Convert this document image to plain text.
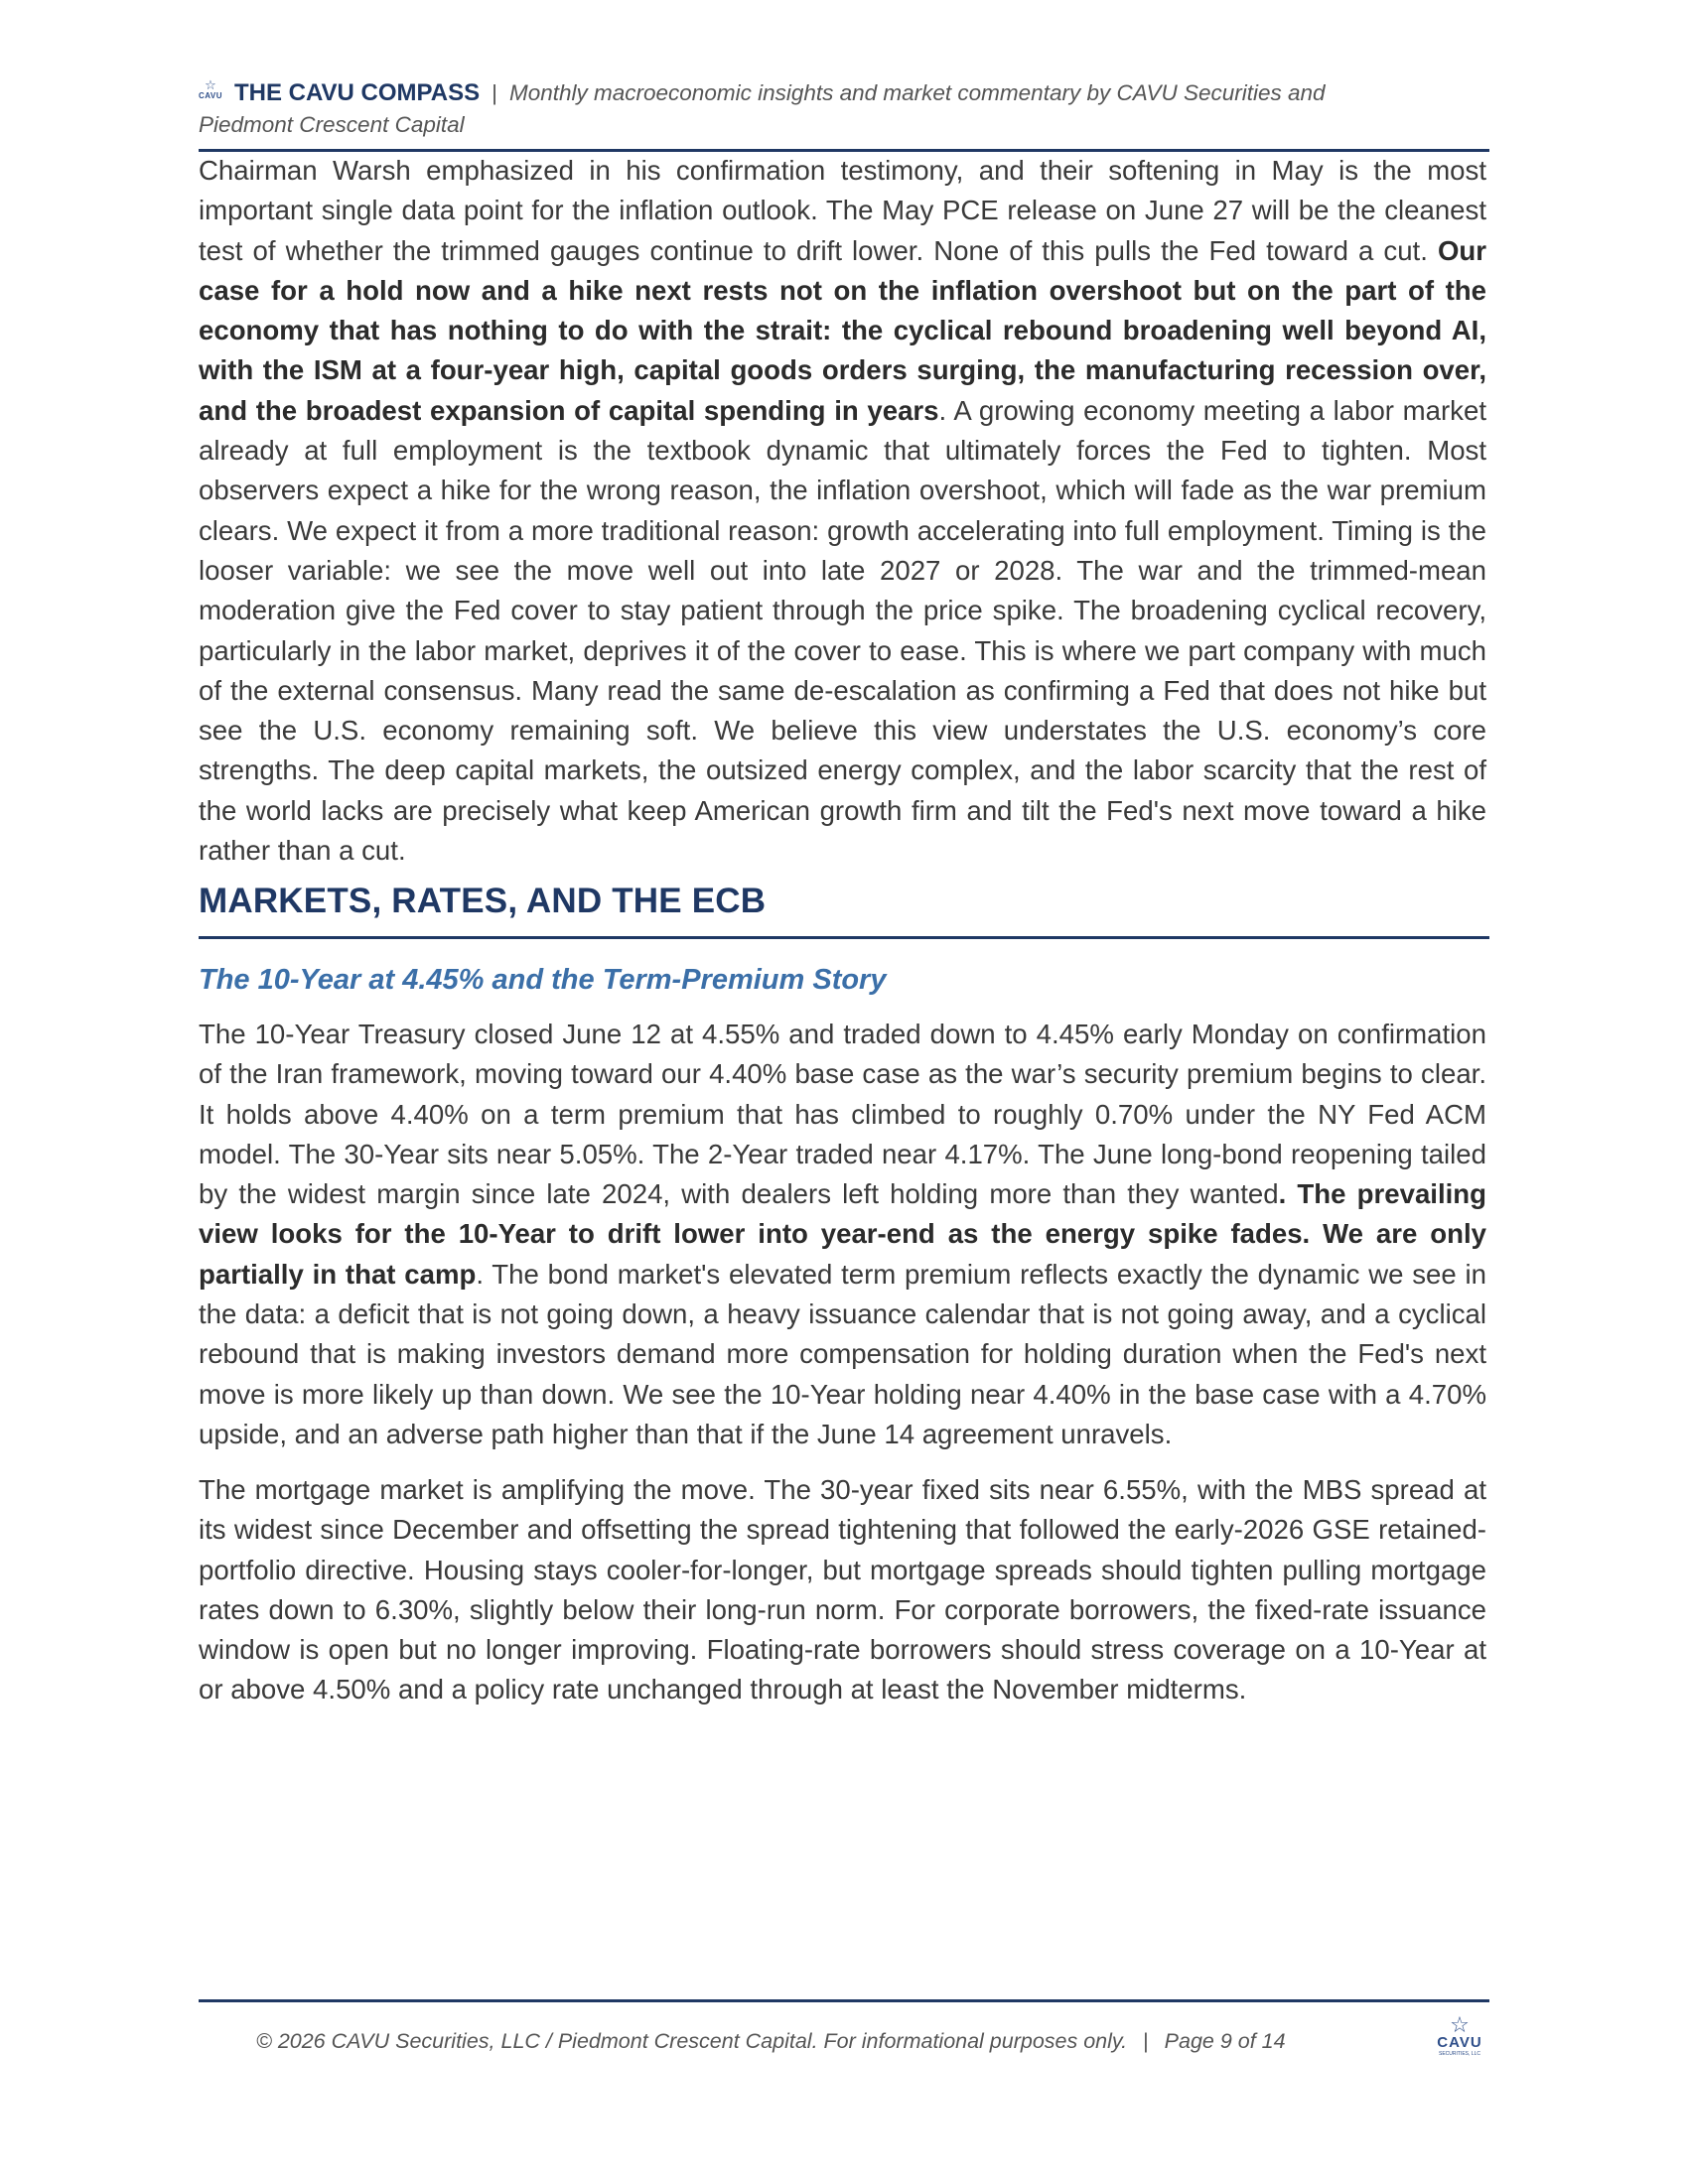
☆
CAVU THE CAVU COMPASS | Monthly macroeconomic insights and market commentary by CAVU Securities and
Piedmont Crescent Capital

Chairman Warsh emphasized in his confirmation testimony, and their softening in May is the most important single data point for the inflation outlook. The May PCE release on June 27 will be the cleanest test of whether the trimmed gauges continue to drift lower. None of this pulls the Fed toward a cut. Our case for a hold now and a hike next rests not on the inflation overshoot but on the part of the economy that has nothing to do with the strait: the cyclical rebound broadening well beyond AI, with the ISM at a four-year high, capital goods orders surging, the manufacturing recession over, and the broadest expansion of capital spending in years. A growing economy meeting a labor market already at full employment is the textbook dynamic that ultimately forces the Fed to tighten. Most observers expect a hike for the wrong reason, the inflation overshoot, which will fade as the war premium clears. We expect it from a more traditional reason: growth accelerating into full employment. Timing is the looser variable: we see the move well out into late 2027 or 2028. The war and the trimmed-mean moderation give the Fed cover to stay patient through the price spike. The broadening cyclical recovery, particularly in the labor market, deprives it of the cover to ease. This is where we part company with much of the external consensus. Many read the same de-escalation as confirming a Fed that does not hike but see the U.S. economy remaining soft. We believe this view understates the U.S. economy’s core strengths. The deep capital markets, the outsized energy complex, and the labor scarcity that the rest of the world lacks are precisely what keep American growth firm and tilt the Fed's next move toward a hike rather than a cut.

MARKETS, RATES, AND THE ECB
The 10-Year at 4.45% and the Term-Premium Story

The 10-Year Treasury closed June 12 at 4.55% and traded down to 4.45% early Monday on confirmation of the Iran framework, moving toward our 4.40% base case as the war’s security premium begins to clear. It holds above 4.40% on a term premium that has climbed to roughly 0.70% under the NY Fed ACM model. The 30-Year sits near 5.05%. The 2-Year traded near 4.17%. The June long-bond reopening tailed by the widest margin since late 2024, with dealers left holding more than they wanted. The prevailing view looks for the 10-Year to drift lower into year-end as the energy spike fades. We are only partially in that camp. The bond market's elevated term premium reflects exactly the dynamic we see in the data: a deficit that is not going down, a heavy issuance calendar that is not going away, and a cyclical rebound that is making investors demand more compensation for holding duration when the Fed's next move is more likely up than down. We see the 10-Year holding near 4.40% in the base case with a 4.70% upside, and an adverse path higher than that if the June 14 agreement unravels.

The mortgage market is amplifying the move. The 30-year fixed sits near 6.55%, with the MBS spread at its widest since December and offsetting the spread tightening that followed the early-2026 GSE retained-portfolio directive. Housing stays cooler-for-longer, but mortgage spreads should tighten pulling mortgage rates down to 6.30%, slightly below their long-run norm. For corporate borrowers, the fixed-rate issuance window is open but no longer improving. Floating-rate borrowers should stress coverage on a 10-Year at or above 4.50% and a policy rate unchanged through at least the November midterms.

© 2026 CAVU Securities, LLC / Piedmont Crescent Capital. For informational purposes only. | Page 9 of 14
☆
CAVU
SECURITIES, LLC
